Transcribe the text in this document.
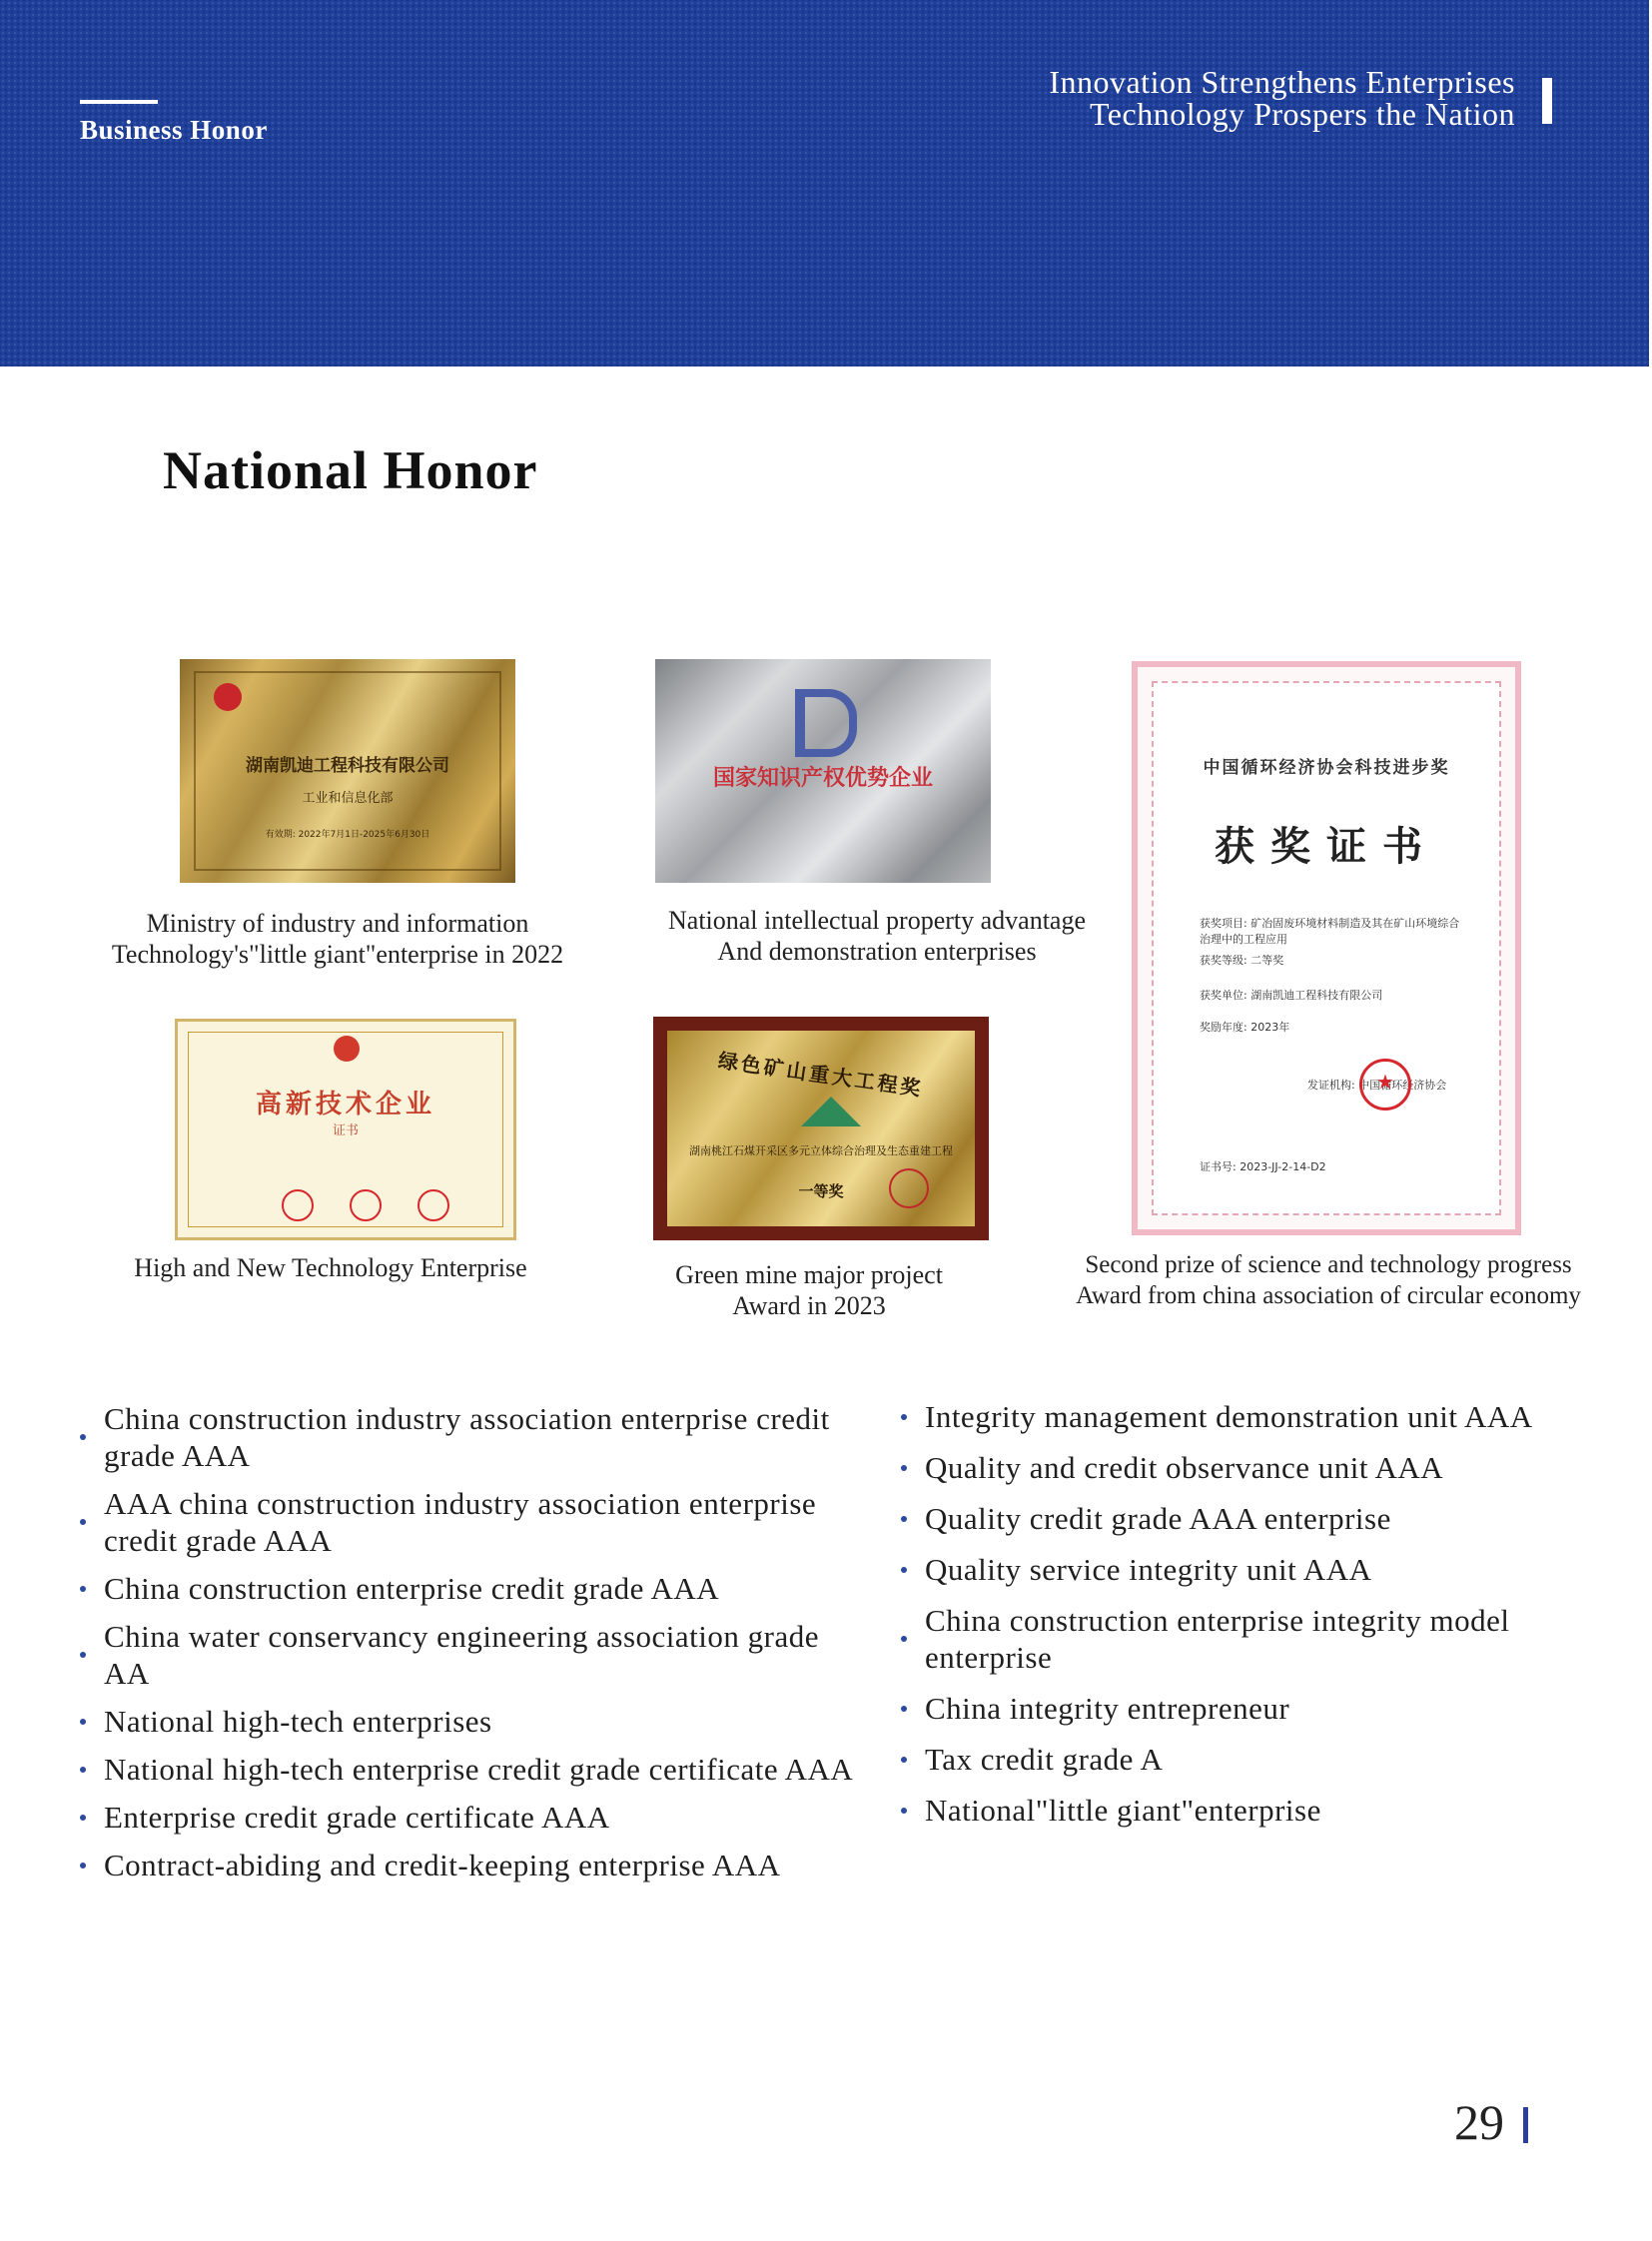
Business Honor
Innovation Strengthens Enterprises
Technology Prospers the Nation
National Honor
湖南凯迪工程科技有限公司
工业和信息化部
有效期: 2022年7月1日-2025年6月30日
Ministry of industry and information
Technology's"little giant"enterprise in 2022
国家知识产权优势企业
National intellectual property advantage
And demonstration enterprises
中国循环经济协会科技进步奖
获奖证书
获奖项目: 矿冶固废环境材料制造及其在矿山环境综合治理中的工程应用
获奖等级: 二等奖
获奖单位: 湖南凯迪工程科技有限公司
奖励年度: 2023年
发证机构: 中国循环经济协会
★
证书号: 2023-JJ-2-14-D2
Second prize of science and technology progress
Award from china association of circular economy
高新技术企业
证书
High and New Technology Enterprise
绿色矿山重大工程奖
湖南桃江石煤开采区多元立体综合治理及生态重建工程
一等奖
Green mine major project
Award in 2023
China construction industry association enterprise credit grade AAA
AAA china construction industry association enterprise credit grade AAA
China construction enterprise credit grade AAA
China water conservancy engineering association grade AA
National high-tech enterprises
National high-tech enterprise credit grade certificate AAA
Enterprise credit grade certificate AAA
Contract-abiding and credit-keeping enterprise AAA
Integrity management demonstration unit AAA
Quality and credit observance unit AAA
Quality credit grade AAA enterprise
Quality service integrity unit AAA
China construction enterprise integrity model enterprise
China integrity entrepreneur
Tax credit grade A
National"little giant"enterprise
29
